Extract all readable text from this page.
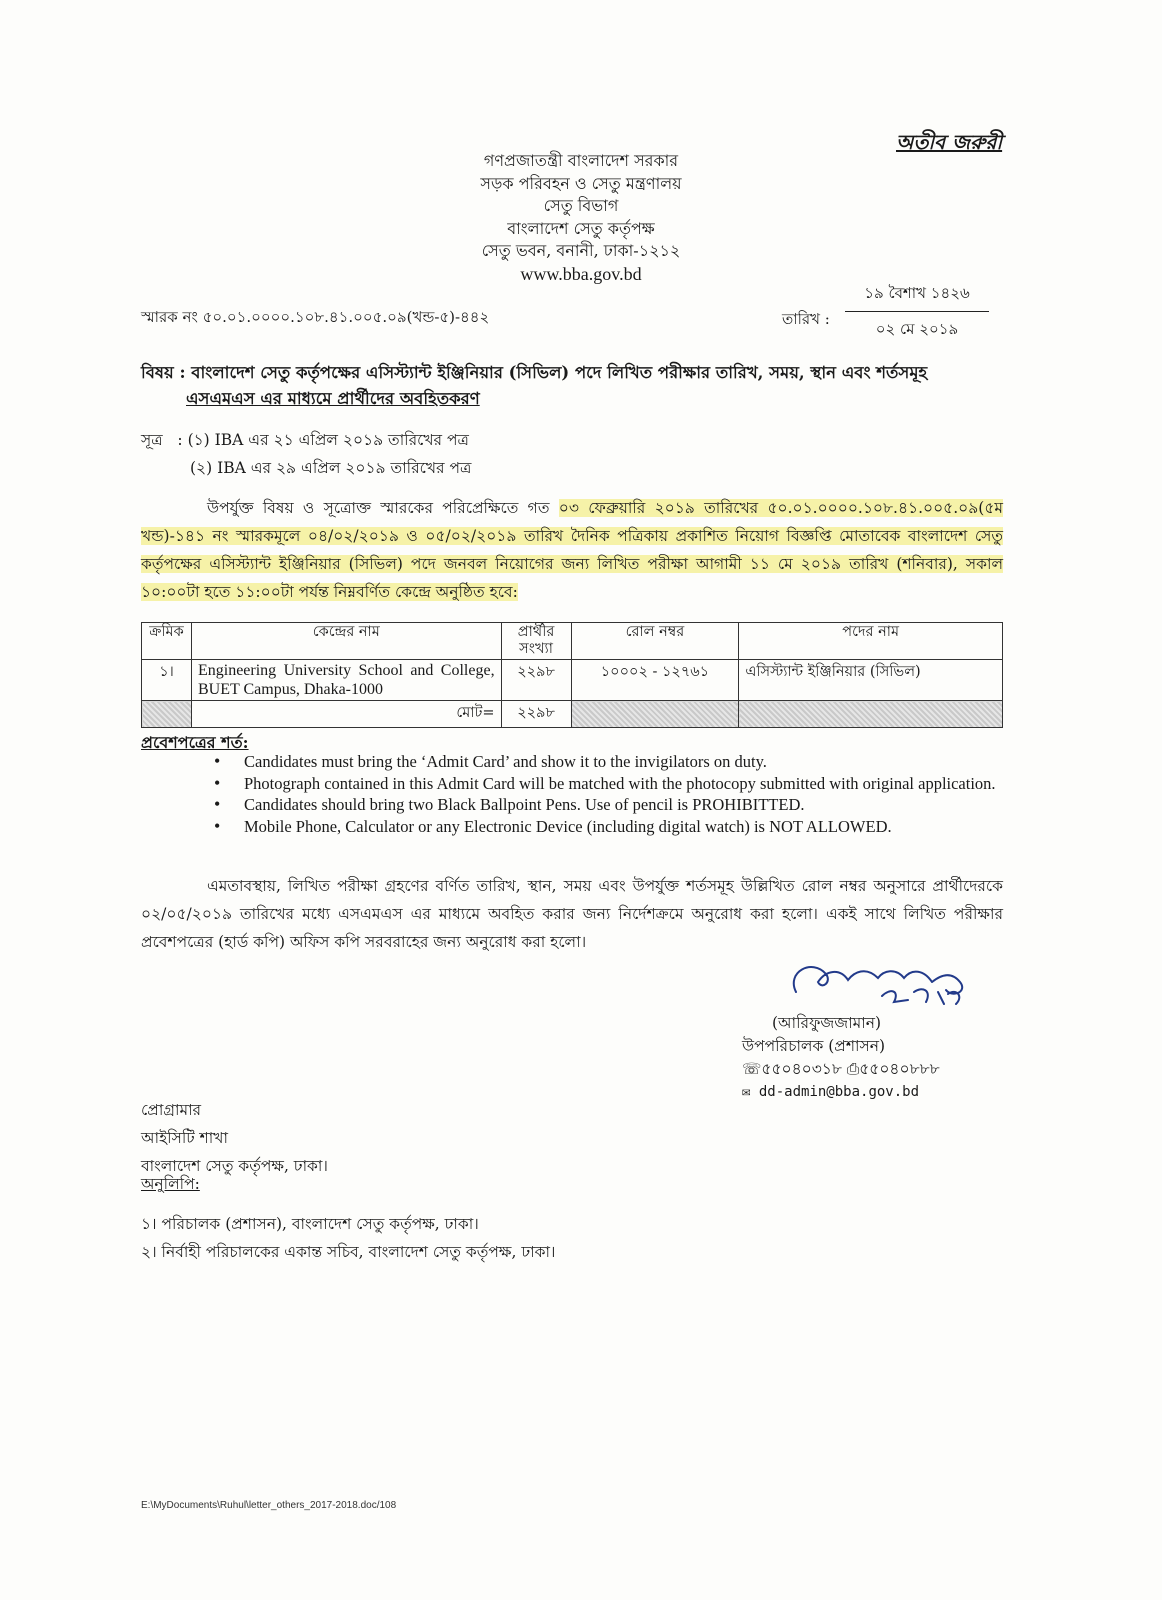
অতীব জরুরী
গণপ্রজাতন্ত্রী বাংলাদেশ সরকার
সড়ক পরিবহন ও সেতু মন্ত্রণালয়
সেতু বিভাগ
বাংলাদেশ সেতু কর্তৃপক্ষ
সেতু ভবন, বনানী, ঢাকা-১২১২
www.bba.gov.bd
স্মারক নং ৫০.০১.০০০০.১০৮.৪১.০০৫.০৯(খন্ড-৫)-৪৪২	তারিখ :
১৯ বৈশাখ ১৪২৬
০২ মে ২০১৯
বিষয় : বাংলাদেশ সেতু কর্তৃপক্ষের এসিস্ট্যান্ট ইঞ্জিনিয়ার (সিভিল) পদে লিখিত পরীক্ষার তারিখ, সময়, স্থান এবং শর্তসমূহ
এসএমএস এর মাধ্যমে প্রার্থীদের অবহিতকরণ
সূত্র : (১) IBA এর ২১ এপ্রিল ২০১৯ তারিখের পত্র
(২) IBA এর ২৯ এপ্রিল ২০১৯ তারিখের পত্র
উপর্যুক্ত বিষয় ও সূত্রোক্ত স্মারকের পরিপ্রেক্ষিতে গত ০৩ ফেব্রুয়ারি ২০১৯ তারিখের ৫০.০১.০০০০.১০৮.৪১.০০৫.০৯(৫ম খন্ড)-১৪১ নং স্মারকমূলে ০৪/০২/২০১৯ ও ০৫/০২/২০১৯ তারিখ দৈনিক পত্রিকায় প্রকাশিত নিয়োগ বিজ্ঞপ্তি মোতাবেক বাংলাদেশ সেতু কর্তৃপক্ষের এসিস্ট্যান্ট ইঞ্জিনিয়ার (সিভিল) পদে জনবল নিয়োগের জন্য লিখিত পরীক্ষা আগামী ১১ মে ২০১৯ তারিখ (শনিবার), সকাল ১০:০০টা হতে ১১:০০টা পর্যন্ত নিম্নবর্ণিত কেন্দ্রে অনুষ্ঠিত হবে:
ক্রমিক	কেন্দ্রের নাম	প্রার্থীর সংখ্যা	রোল নম্বর	পদের নাম
১।	Engineering University School and College, BUET Campus, Dhaka-1000	২২৯৮	১০০০২ - ১২৭৬১	এসিস্ট্যান্ট ইঞ্জিনিয়ার (সিভিল)
	মোট=	২২৯৮		
প্রবেশপত্রের শর্ত:
• Candidates must bring the ‘Admit Card’ and show it to the invigilators on duty.
• Photograph contained in this Admit Card will be matched with the photocopy submitted with original application.
• Candidates should bring two Black Ballpoint Pens. Use of pencil is PROHIBITTED.
• Mobile Phone, Calculator or any Electronic Device (including digital watch) is NOT ALLOWED.
এমতাবস্থায়, লিখিত পরীক্ষা গ্রহণের বর্ণিত তারিখ, স্থান, সময় এবং উপর্যুক্ত শর্তসমূহ উল্লিখিত রোল নম্বর অনুসারে প্রার্থীদেরকে ০২/০৫/২০১৯ তারিখের মধ্যে এসএমএস এর মাধ্যমে অবহিত করার জন্য নির্দেশক্রমে অনুরোধ করা হলো। একই সাথে লিখিত পরীক্ষার প্রবেশপত্রের (হার্ড কপি) অফিস কপি সরবরাহের জন্য অনুরোধ করা হলো।
(আরিফুজজামান)
উপপরিচালক (প্রশাসন)
☏৫৫০৪০৩১৮ ⎙৫৫০৪০৮৮৮
✉ dd-admin@bba.gov.bd
প্রোগ্রামার
আইসিটি শাখা
বাংলাদেশ সেতু কর্তৃপক্ষ, ঢাকা।
অনুলিপি:
১। পরিচালক (প্রশাসন), বাংলাদেশ সেতু কর্তৃপক্ষ, ঢাকা।
২। নির্বাহী পরিচালকের একান্ত সচিব, বাংলাদেশ সেতু কর্তৃপক্ষ, ঢাকা।
E:\MyDocuments\Ruhul\letter_others_2017-2018.doc/108
